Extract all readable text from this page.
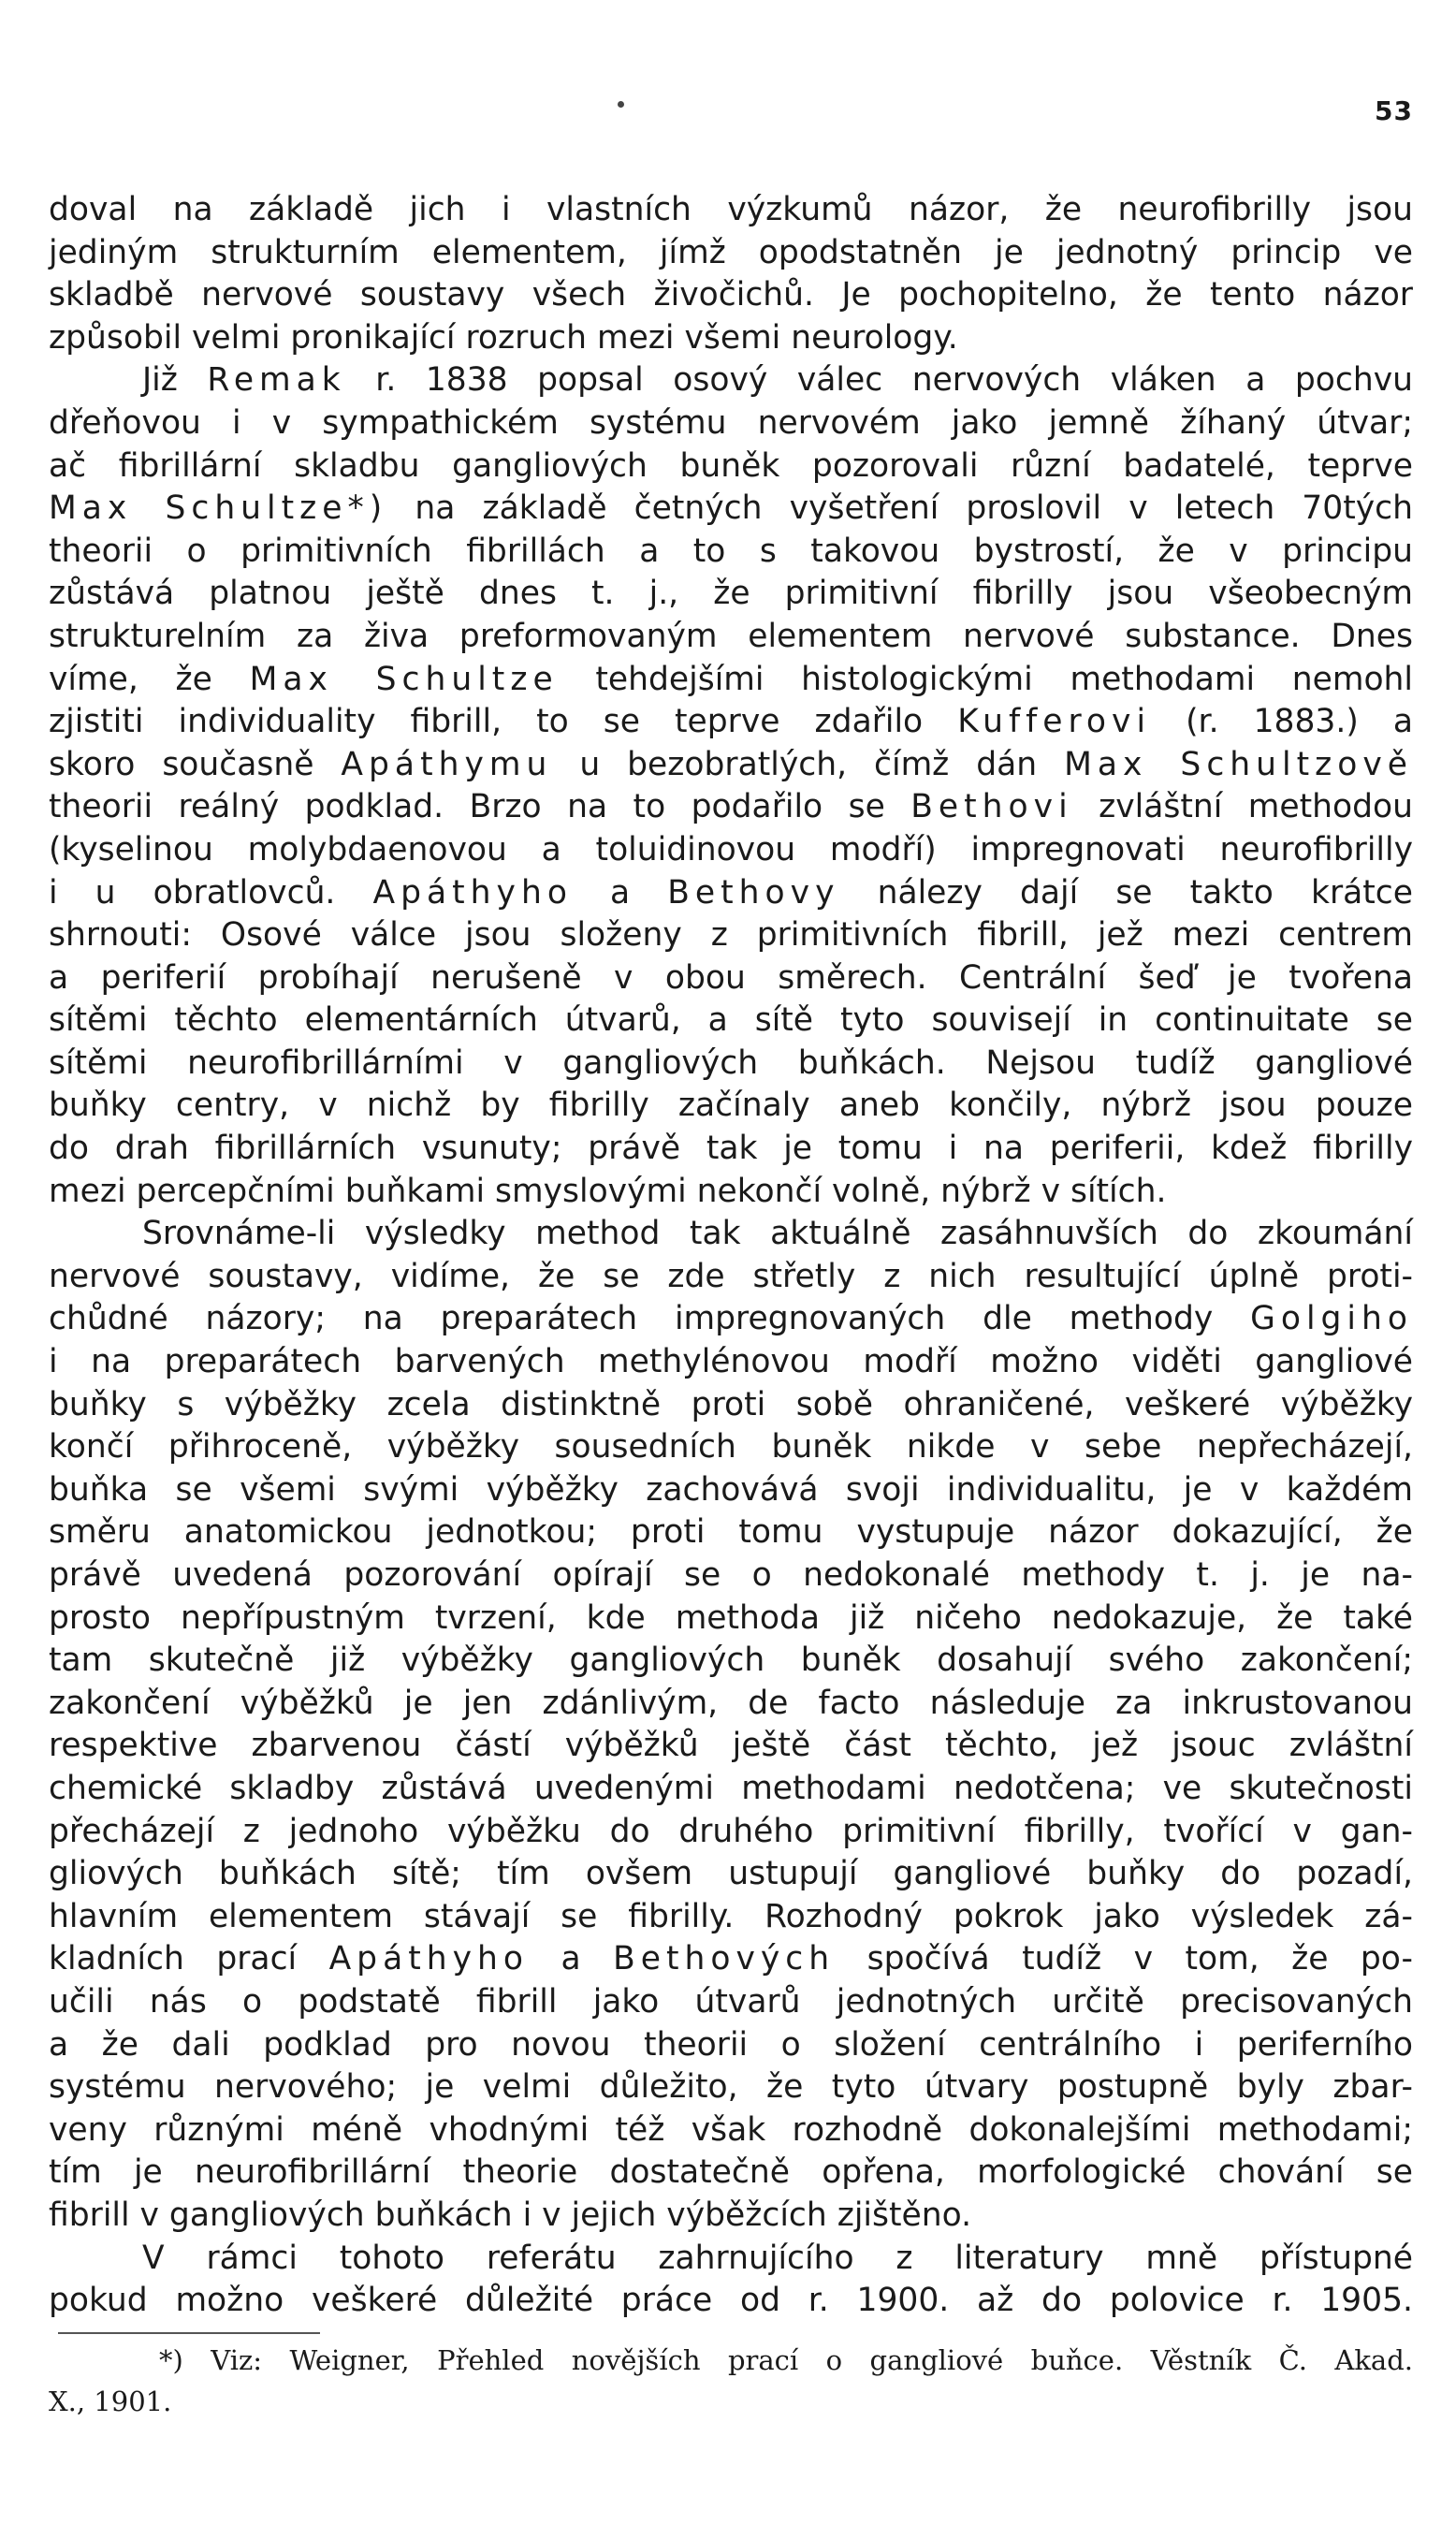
53
doval na základě jich i vlastních výzkumů názor, že neurofibrilly jsou
jediným strukturním elementem, jímž opodstatněn je jednotný princip ve
skladbě nervové soustavy všech živočichů. Je pochopitelno, že tento názor
způsobil velmi pronikající rozruch mezi všemi neurology.
Již Remak r. 1838 popsal osový válec nervových vláken a pochvu
dřeňovou i v sympathickém systému nervovém jako jemně žíhaný útvar;
ač fibrillární skladbu gangliových buněk pozorovali různí badatelé, teprve
Max Schultze*) na základě četných vyšetření proslovil v letech 70tých
theorii o primitivních fibrillách a to s takovou bystrostí, že v principu
zůstává platnou ještě dnes t. j., že primitivní fibrilly jsou všeobecným
strukturelním za živa preformovaným elementem nervové substance. Dnes
víme, že Max Schultze tehdejšími histologickými methodami nemohl
zjistiti individuality fibrill, to se teprve zdařilo Kufferovi (r. 1883.) a
skoro současně Apáthymu u bezobratlých, čímž dán Max Schultzově
theorii reálný podklad. Brzo na to podařilo se Bethovi zvláštní methodou
(kyselinou molybdaenovou a toluidinovou modří) impregnovati neurofibrilly
i u obratlovců. Apáthyho a Bethovy nálezy dají se takto krátce
shrnouti: Osové válce jsou složeny z primitivních fibrill, jež mezi centrem
a periferií probíhají nerušeně v obou směrech. Centrální šeď je tvořena
sítěmi těchto elementárních útvarů, a sítě tyto souvisejí in continuitate se
sítěmi neurofibrillárními v gangliových buňkách. Nejsou tudíž gangliové
buňky centry, v nichž by fibrilly začínaly aneb končily, nýbrž jsou pouze
do drah fibrillárních vsunuty; právě tak je tomu i na periferii, kdež fibrilly
mezi percepčními buňkami smyslovými nekončí volně, nýbrž v sítích.
Srovnáme-li výsledky method tak aktuálně zasáhnuvších do zkoumání
nervové soustavy, vidíme, že se zde střetly z nich resultující úplně proti-
chůdné názory; na preparátech impregnovaných dle methody Golgiho
i na preparátech barvených methylénovou modří možno viděti gangliové
buňky s výběžky zcela distinktně proti sobě ohraničené, veškeré výběžky
končí přihroceně, výběžky sousedních buněk nikde v sebe nepřecházejí,
buňka se všemi svými výběžky zachovává svoji individualitu, je v každém
směru anatomickou jednotkou; proti tomu vystupuje názor dokazující, že
právě uvedená pozorování opírají se o nedokonalé methody t. j. je na-
prosto nepřípustným tvrzení, kde methoda již ničeho nedokazuje, že také
tam skutečně již výběžky gangliových buněk dosahují svého zakončení;
zakončení výběžků je jen zdánlivým, de facto následuje za inkrustovanou
respektive zbarvenou částí výběžků ještě část těchto, jež jsouc zvláštní
chemické skladby zůstává uvedenými methodami nedotčena; ve skutečnosti
přecházejí z jednoho výběžku do druhého primitivní fibrilly, tvořící v gan-
gliových buňkách sítě; tím ovšem ustupují gangliové buňky do pozadí,
hlavním elementem stávají se fibrilly. Rozhodný pokrok jako výsledek zá-
kladních prací Apáthyho a Bethových spočívá tudíž v tom, že po-
učili nás o podstatě fibrill jako útvarů jednotných určitě precisovaných
a že dali podklad pro novou theorii o složení centrálního i periferního
systému nervového; je velmi důležito, že tyto útvary postupně byly zbar-
veny různými méně vhodnými též však rozhodně dokonalejšími methodami;
tím je neurofibrillární theorie dostatečně opřena, morfologické chování se
fibrill v gangliových buňkách i v jejich výběžcích zjištěno.
V rámci tohoto referátu zahrnujícího z literatury mně přístupné
pokud možno veškeré důležité práce od r. 1900. až do polovice r. 1905.
*) Viz: Weigner, Přehled novějších prací o gangliové buňce. Věstník Č. Akad.
X., 1901.
